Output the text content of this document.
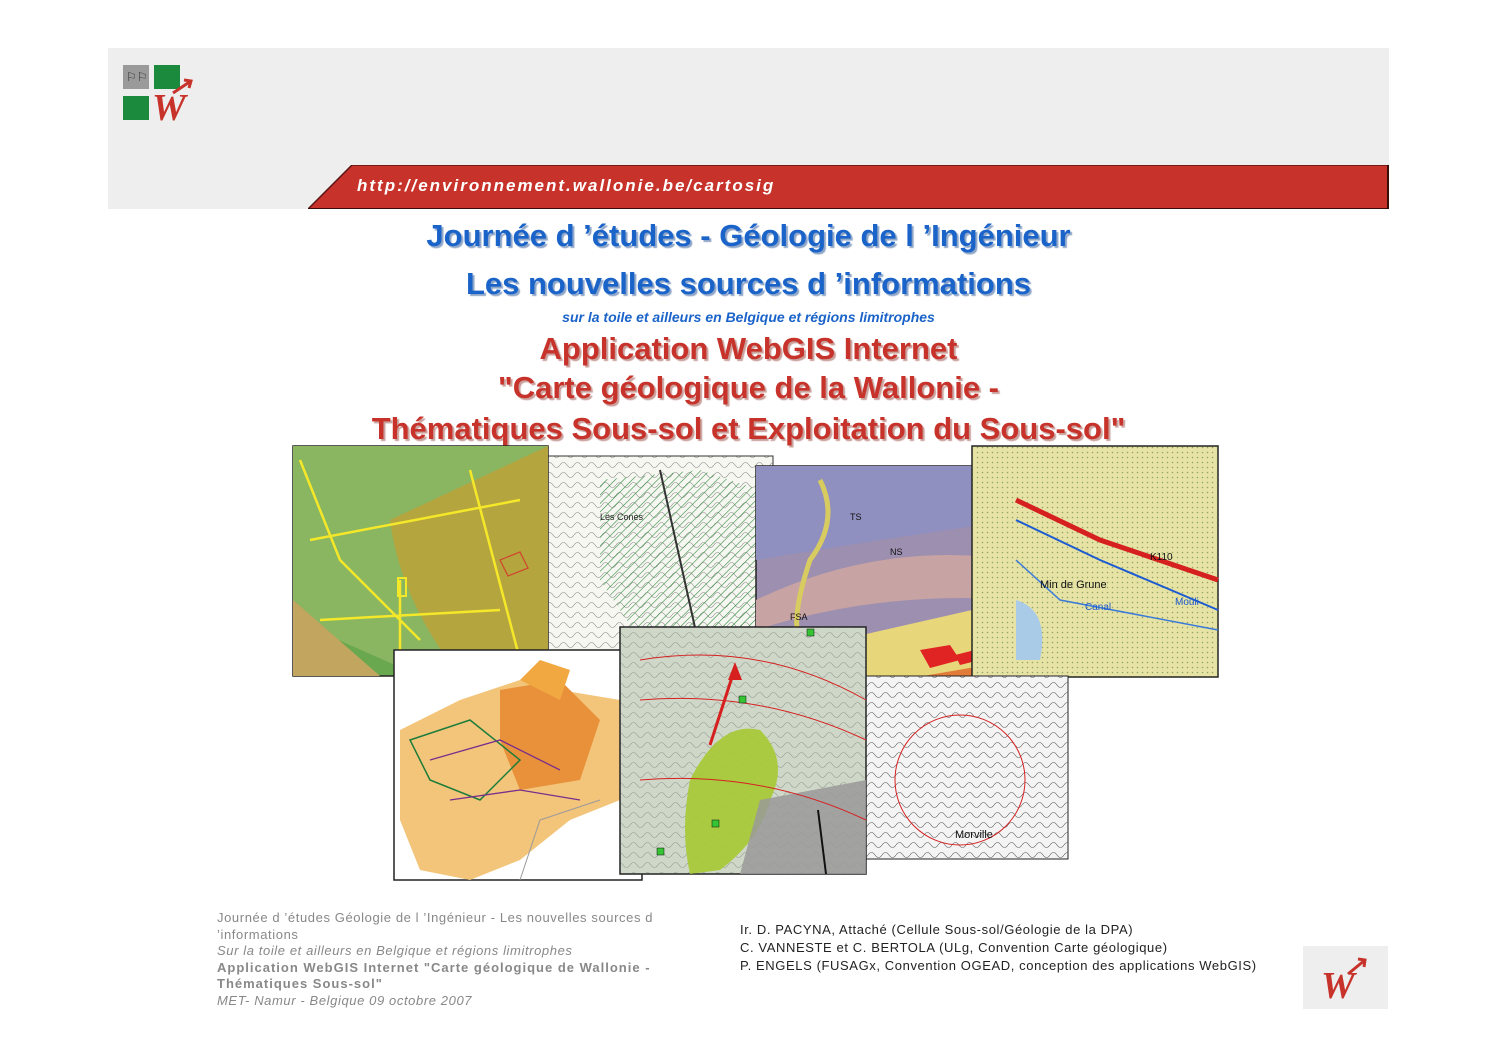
⚐⚐
W
http://environnement.wallonie.be/cartosig
Journée d ’études - Géologie de l ’Ingénieur
Les nouvelles sources d ’informations
sur la toile et ailleurs en Belgique et régions limitrophes
Application WebGIS Internet
"Carte géologique de la Wallonie -
Thématiques Sous-sol et Exploitation du Sous-sol"
Les Cones
FSA
TS
NS
Min de Grune
K110
Canal	Mouli
Morville
Journée d ’études Géologie de l ’Ingénieur - Les nouvelles sources d ’informations
Sur la toile et ailleurs en Belgique et régions limitrophes
Application WebGIS Internet "Carte géologique de Wallonie - Thématiques Sous-sol"
MET- Namur - Belgique 09 octobre 2007
Ir. D. PACYNA, Attaché (Cellule Sous-sol/Géologie de la DPA)
C. VANNESTE et C. BERTOLA (ULg, Convention Carte géologique)
P. ENGELS (FUSAGx, Convention OGEAD, conception des applications WebGIS)	W
